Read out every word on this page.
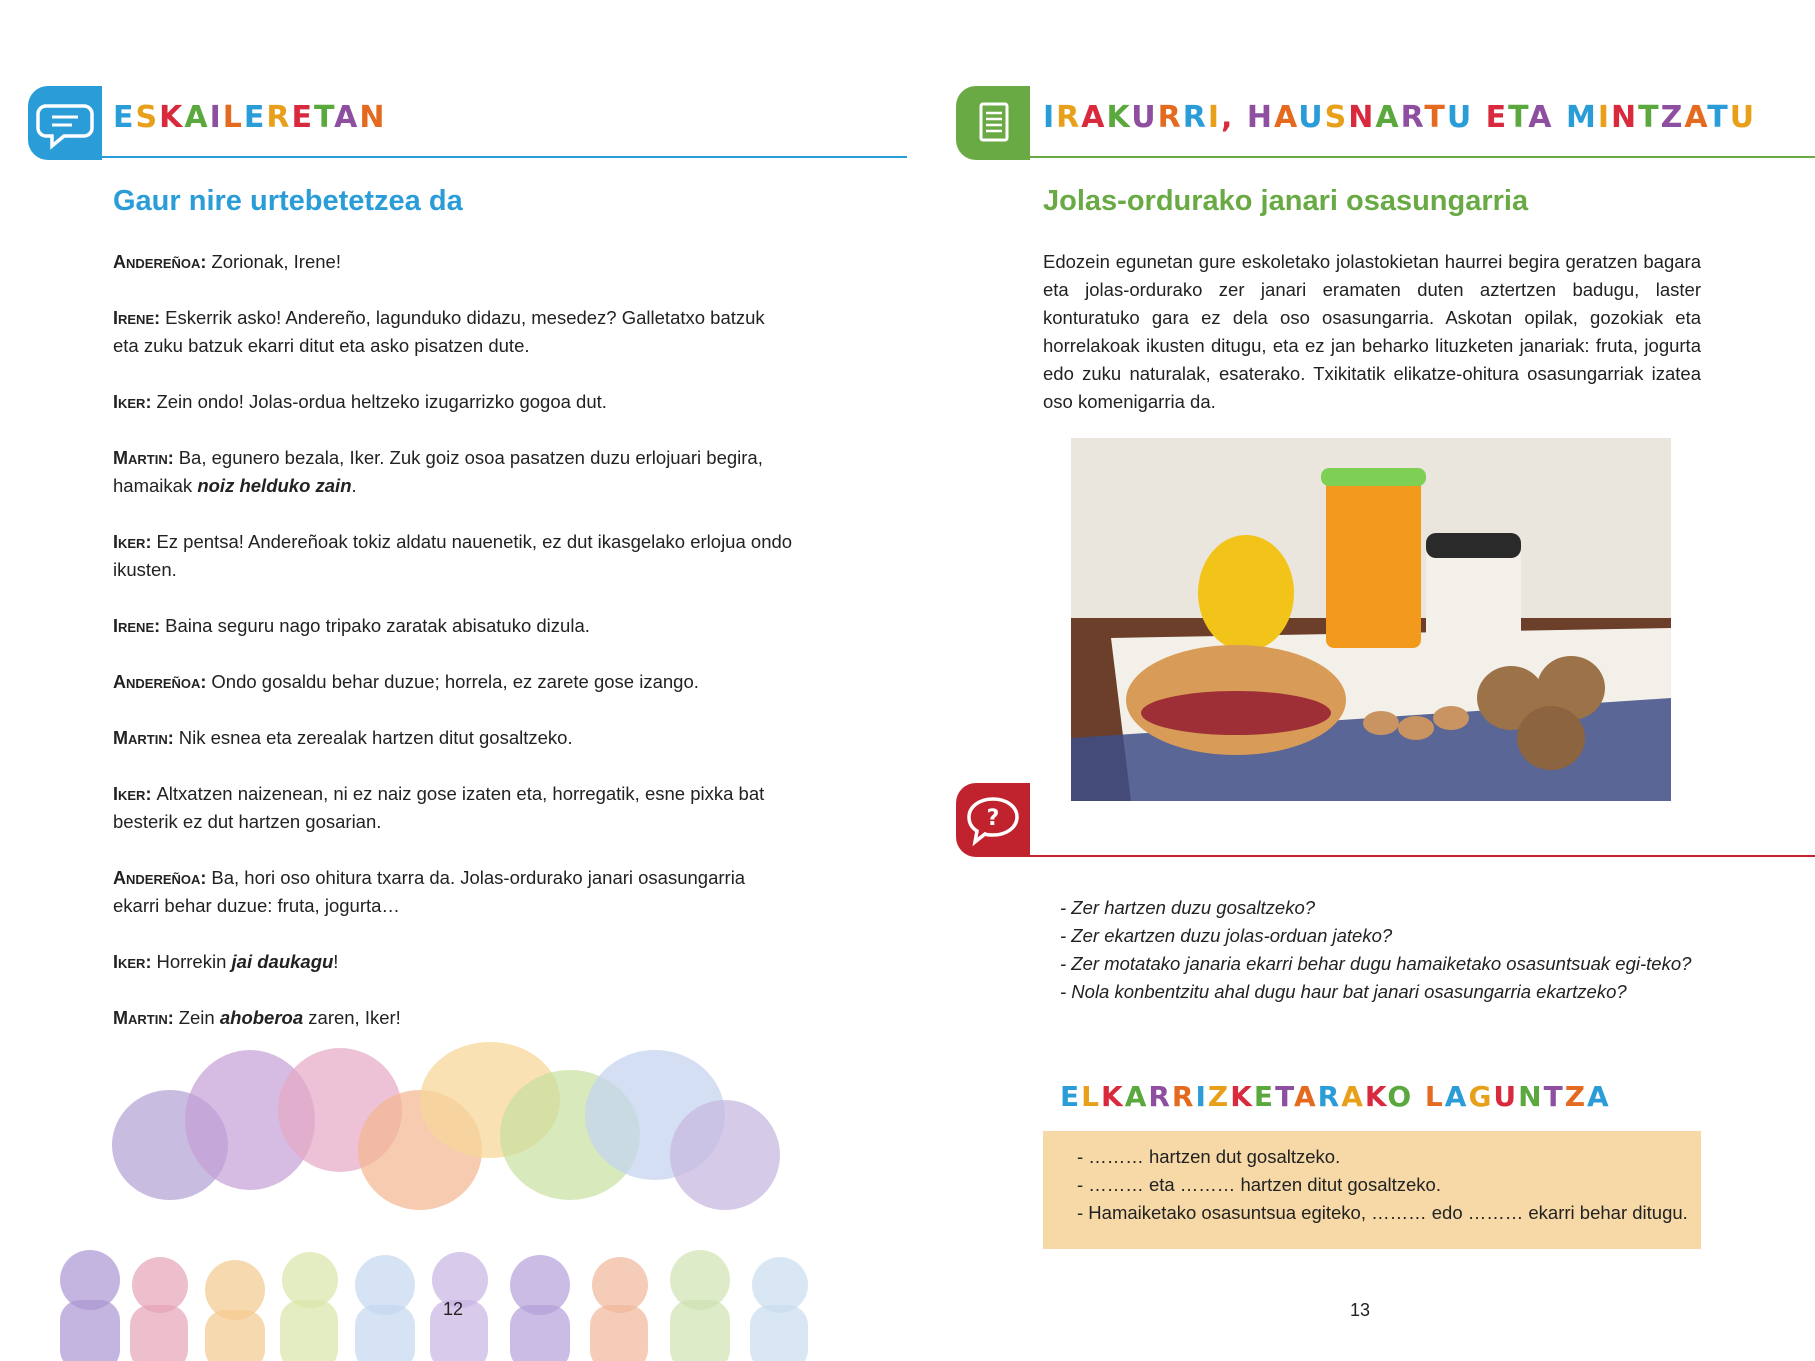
ESKAILERETAN
Gaur nire urtebetetzea da
Andereñoa: Zorionak, Irene!
Irene: Eskerrik asko! Andereño, lagunduko didazu, mesedez? Galletatxo batzuk eta zuku batzuk ekarri ditut eta asko pisatzen dute.
Iker: Zein ondo! Jolas-ordua heltzeko izugarrizko gogoa dut.
Martin: Ba, egunero bezala, Iker. Zuk goiz osoa pasatzen duzu erlojuari begira, hamaikak noiz helduko zain.
Iker: Ez pentsa! Andereñoak tokiz aldatu nauenetik, ez dut ikasgelako erlojua ondo ikusten.
Irene: Baina seguru nago tripako zaratak abisatuko dizula.
Andereñoa: Ondo gosaldu behar duzue; horrela, ez zarete gose izango.
Martin: Nik esnea eta zerealak hartzen ditut gosaltzeko.
Iker: Altxatzen naizenean, ni ez naiz gose izaten eta, horregatik, esne pixka bat besterik ez dut hartzen gosarian.
Andereñoa: Ba, hori oso ohitura txarra da. Jolas-ordurako janari osasungarria ekarri behar duzue: fruta, jogurta…
Iker: Horrekin jai daukagu!
Martin: Zein ahoberoa zaren, Iker!
12
IRAKURRI, HAUSNARTU ETA MINTZATU
Jolas-ordurako janari osasungarria
Edozein egunetan gure eskoletako jolastokietan haurrei begira geratzen bagara eta jolas-ordurako zer janari eramaten duten aztertzen badugu, laster konturatuko gara ez dela oso osasungarria. Askotan opilak, gozokiak eta horrelakoak ikusten ditugu, eta ez jan beharko lituzketen janariak: fruta, jogurta edo zuku naturalak, esaterako. Txikitatik elikatze-ohitura osasungarriak izatea oso komenigarria da.
?
- Zer hartzen duzu gosaltzeko?
- Zer ekartzen duzu jolas-orduan jateko?
- Zer motatako janaria ekarri behar dugu hamaiketako osasuntsuak egi-teko?
- Nola konbentzitu ahal dugu haur bat janari osasungarria ekartzeko?
ELKARRIZKETARAKO LAGUNTZA
- ……… hartzen dut gosaltzeko.
- ……… eta ……… hartzen ditut gosaltzeko.
- Hamaiketako osasuntsua egiteko, ……… edo ……… ekarri behar ditugu.
13
